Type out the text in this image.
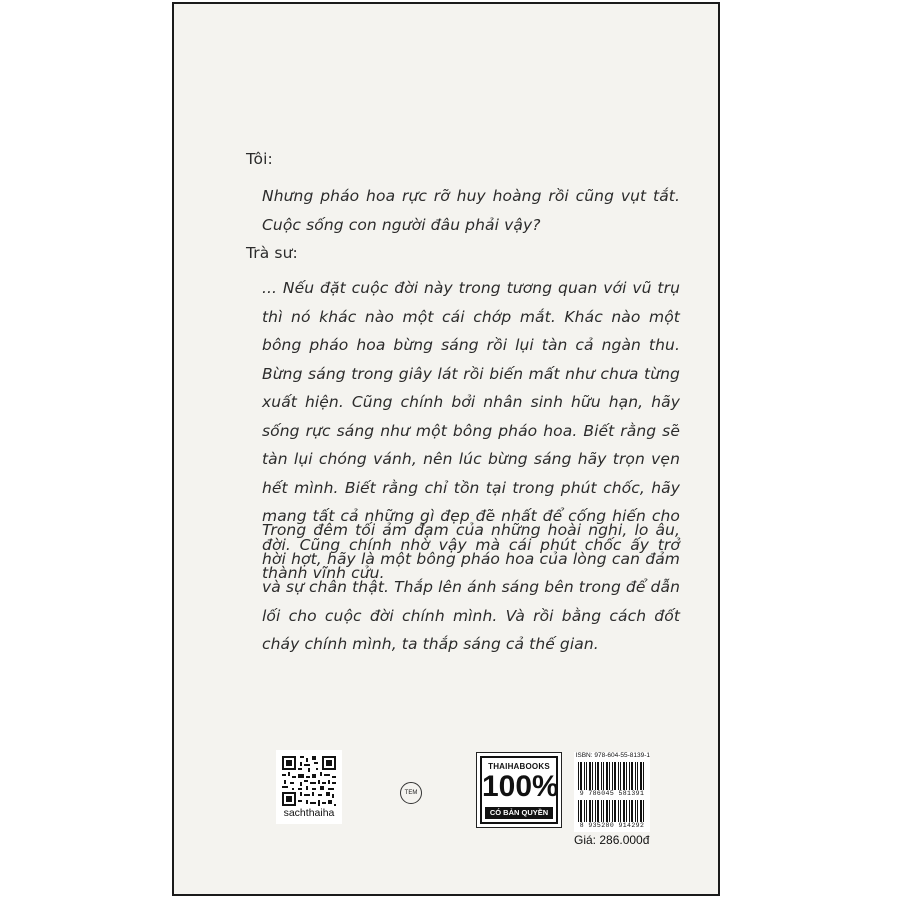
Tôi:

Nhưng pháo hoa rực rỡ huy hoàng rồi cũng vụt tắt. Cuộc sống con người đâu phải vậy?

Trà sư:

... Nếu đặt cuộc đời này trong tương quan với vũ trụ thì nó khác nào một cái chớp mắt. Khác nào một bông pháo hoa bừng sáng rồi lụi tàn cả ngàn thu. Bừng sáng trong giây lát rồi biến mất như chưa từng xuất hiện. Cũng chính bởi nhân sinh hữu hạn, hãy sống rực sáng như một bông pháo hoa. Biết rằng sẽ tàn lụi chóng vánh, nên lúc bừng sáng hãy trọn vẹn hết mình. Biết rằng chỉ tồn tại trong phút chốc, hãy mang tất cả những gì đẹp đẽ nhất để cống hiến cho đời. Cũng chính nhờ vậy mà cái phút chốc ấy trở thành vĩnh cửu.

Trong đêm tối ảm đạm của những hoài nghi, lo âu, hời hợt, hãy là một bông pháo hoa của lòng can đảm và sự chân thật. Thắp lên ánh sáng bên trong để dẫn lối cho cuộc đời chính mình. Và rồi bằng cách đốt cháy chính mình, ta thắp sáng cả thế gian.

sachthaiha
TEM
THAIHABOOKS
100%
CÓ BẢN QUYỀN
ISBN: 978-604-55-8139-1
9 786045 581391
8 935280 914292
Giá: 286.000đ
